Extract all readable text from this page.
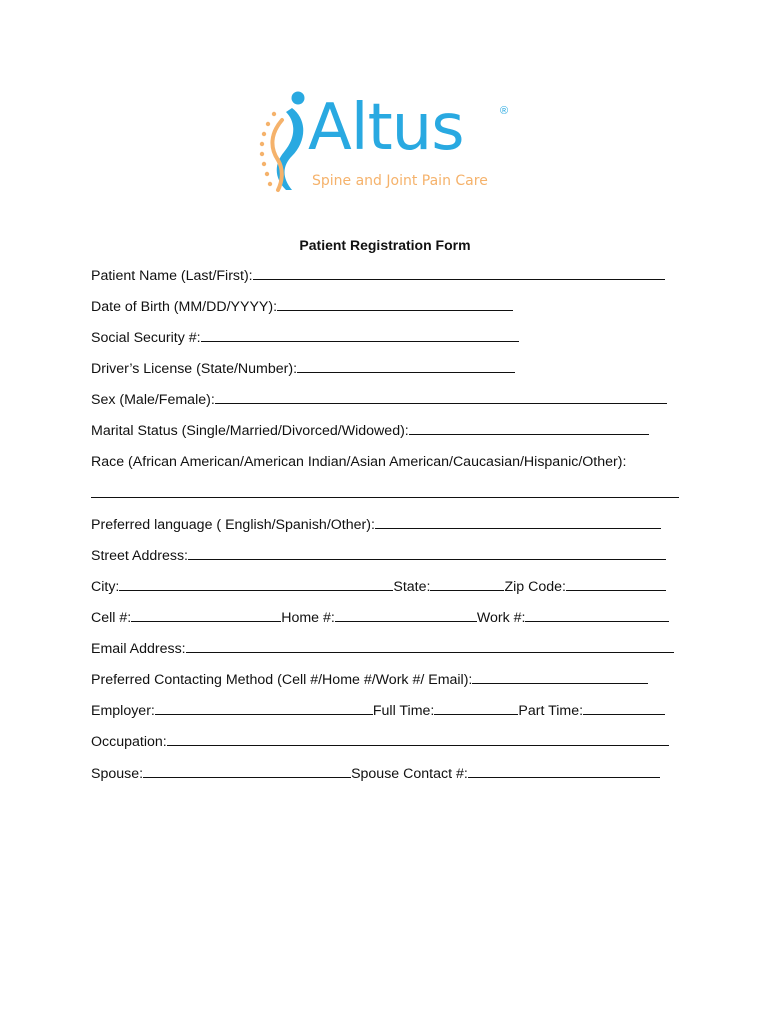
Altus	®
Spine and Joint Pain Care
Patient Registration Form
Patient Name (Last/First):
Date of Birth (MM/DD/YYYY):
Social Security #:
Driver’s License (State/Number):
Sex (Male/Female):
Marital Status (Single/Married/Divorced/Widowed):
Race (African American/American Indian/Asian American/Caucasian/Hispanic/Other):
Preferred language ( English/Spanish/Other):
Street Address:
City:	State:	Zip Code:
Cell #:	Home #:	Work #:
Email Address:
Preferred Contacting Method (Cell #/Home #/Work #/ Email):
Employer:	Full Time:	Part Time:
Occupation:
Spouse:	Spouse Contact #:
